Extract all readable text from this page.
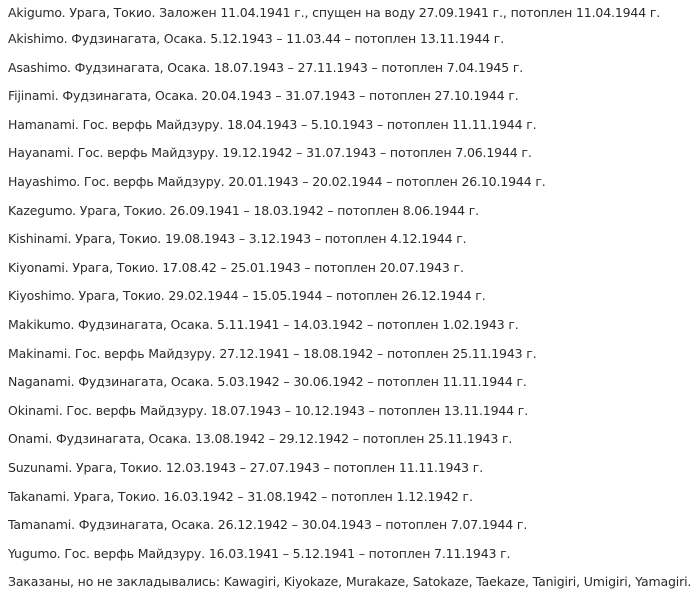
Akigumo. Урага, Токио. Заложен 11.04.1941 г., спущен на воду 27.09.1941 г., потоплен 11.04.1944 г.
Akishimo. Фудзинагата, Осака. 5.12.1943 – 11.03.44 – потоплен 13.11.1944 г.
Asashimo. Фудзинагата, Осака. 18.07.1943 – 27.11.1943 – потоплен 7.04.1945 г.
Fijinami. Фудзинагата, Осака. 20.04.1943 – 31.07.1943 – потоплен 27.10.1944 г.
Hamanami. Гос. верфь Майдзуру. 18.04.1943 – 5.10.1943 – потоплен 11.11.1944 г.
Hayanami. Гос. верфь Майдзуру. 19.12.1942 – 31.07.1943 – потоплен 7.06.1944 г.
Hayashimo. Гос. верфь Майдзуру. 20.01.1943 – 20.02.1944 – потоплен 26.10.1944 г.
Kazegumo. Урага, Токио. 26.09.1941 – 18.03.1942 – потоплен 8.06.1944 г.
Kishinami. Урага, Токио. 19.08.1943 – 3.12.1943 – потоплен 4.12.1944 г.
Kiyonami. Урага, Токио. 17.08.42 – 25.01.1943 – потоплен 20.07.1943 г.
Kiyoshimo. Урага, Токио. 29.02.1944 – 15.05.1944 – потоплен 26.12.1944 г.
Makikumo. Фудзинагата, Осака. 5.11.1941 – 14.03.1942 – потоплен 1.02.1943 г.
Makinami. Гос. верфь Майдзуру. 27.12.1941 – 18.08.1942 – потоплен 25.11.1943 г.
Naganami. Фудзинагата, Осака. 5.03.1942 – 30.06.1942 – потоплен 11.11.1944 г.
Okinami. Гос. верфь Майдзуру. 18.07.1943 – 10.12.1943 – потоплен 13.11.1944 г.
Onami. Фудзинагата, Осака. 13.08.1942 – 29.12.1942 – потоплен 25.11.1943 г.
Suzunami. Урага, Токио. 12.03.1943 – 27.07.1943 – потоплен 11.11.1943 г.
Takanami. Урага, Токио. 16.03.1942 – 31.08.1942 – потоплен 1.12.1942 г.
Tamanami. Фудзинагата, Осака. 26.12.1942 – 30.04.1943 – потоплен 7.07.1944 г.
Yugumo. Гос. верфь Майдзуру. 16.03.1941 – 5.12.1941 – потоплен 7.11.1943 г.
Заказаны, но не закладывались: Kawagiri, Kiyokaze, Murakaze, Satokaze, Taekaze, Tanigiri, Umigiri, Yamagiri.
